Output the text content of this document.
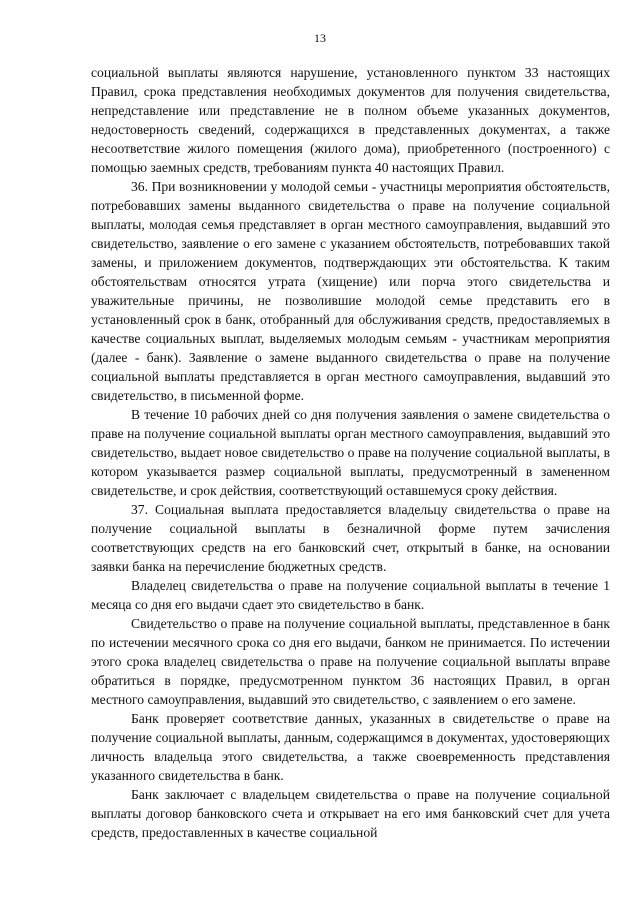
13

социальной выплаты являются нарушение, установленного пунктом 33 настоящих Правил, срока представления необходимых документов для получения свидетельства, непредставление или представление не в полном объеме указанных документов, недостоверность сведений, содержащихся в представленных документах, а также несоответствие жилого помещения (жилого дома), приобретенного (построенного) с помощью заемных средств, требованиям пункта 40 настоящих Правил.

36. При возникновении у молодой семьи - участницы мероприятия обстоятельств, потребовавших замены выданного свидетельства о праве на получение социальной выплаты, молодая семья представляет в орган местного самоуправления, выдавший это свидетельство, заявление о его замене с указанием обстоятельств, потребовавших такой замены, и приложением документов, подтверждающих эти обстоятельства. К таким обстоятельствам относятся утрата (хищение) или порча этого свидетельства и уважительные причины, не позволившие молодой семье представить его в установленный срок в банк, отобранный для обслуживания средств, предоставляемых в качестве социальных выплат, выделяемых молодым семьям - участникам мероприятия (далее - банк). Заявление о замене выданного свидетельства о праве на получение социальной выплаты представляется в орган местного самоуправления, выдавший это свидетельство, в письменной форме.

В течение 10 рабочих дней со дня получения заявления о замене свидетельства о праве на получение социальной выплаты орган местного самоуправления, выдавший это свидетельство, выдает новое свидетельство о праве на получение социальной выплаты, в котором указывается размер социальной выплаты, предусмотренный в замененном свидетельстве, и срок действия, соответствующий оставшемуся сроку действия.

37. Социальная выплата предоставляется владельцу свидетельства о праве на получение социальной выплаты в безналичной форме путем зачисления соответствующих средств на его банковский счет, открытый в банке, на основании заявки банка на перечисление бюджетных средств.

Владелец свидетельства о праве на получение социальной выплаты в течение 1 месяца со дня его выдачи сдает это свидетельство в банк.

Свидетельство о праве на получение социальной выплаты, представленное в банк по истечении месячного срока со дня его выдачи, банком не принимается. По истечении этого срока владелец свидетельства о праве на получение социальной выплаты вправе обратиться в порядке, предусмотренном пунктом 36 настоящих Правил, в орган местного самоуправления, выдавший это свидетельство, с заявлением о его замене.

Банк проверяет соответствие данных, указанных в свидетельстве о праве на получение социальной выплаты, данным, содержащимся в документах, удостоверяющих личность владельца этого свидетельства, а также своевременность представления указанного свидетельства в банк.

Банк заключает с владельцем свидетельства о праве на получение социальной выплаты договор банковского счета и открывает на его имя банковский счет для учета средств, предоставленных в качестве социальной
